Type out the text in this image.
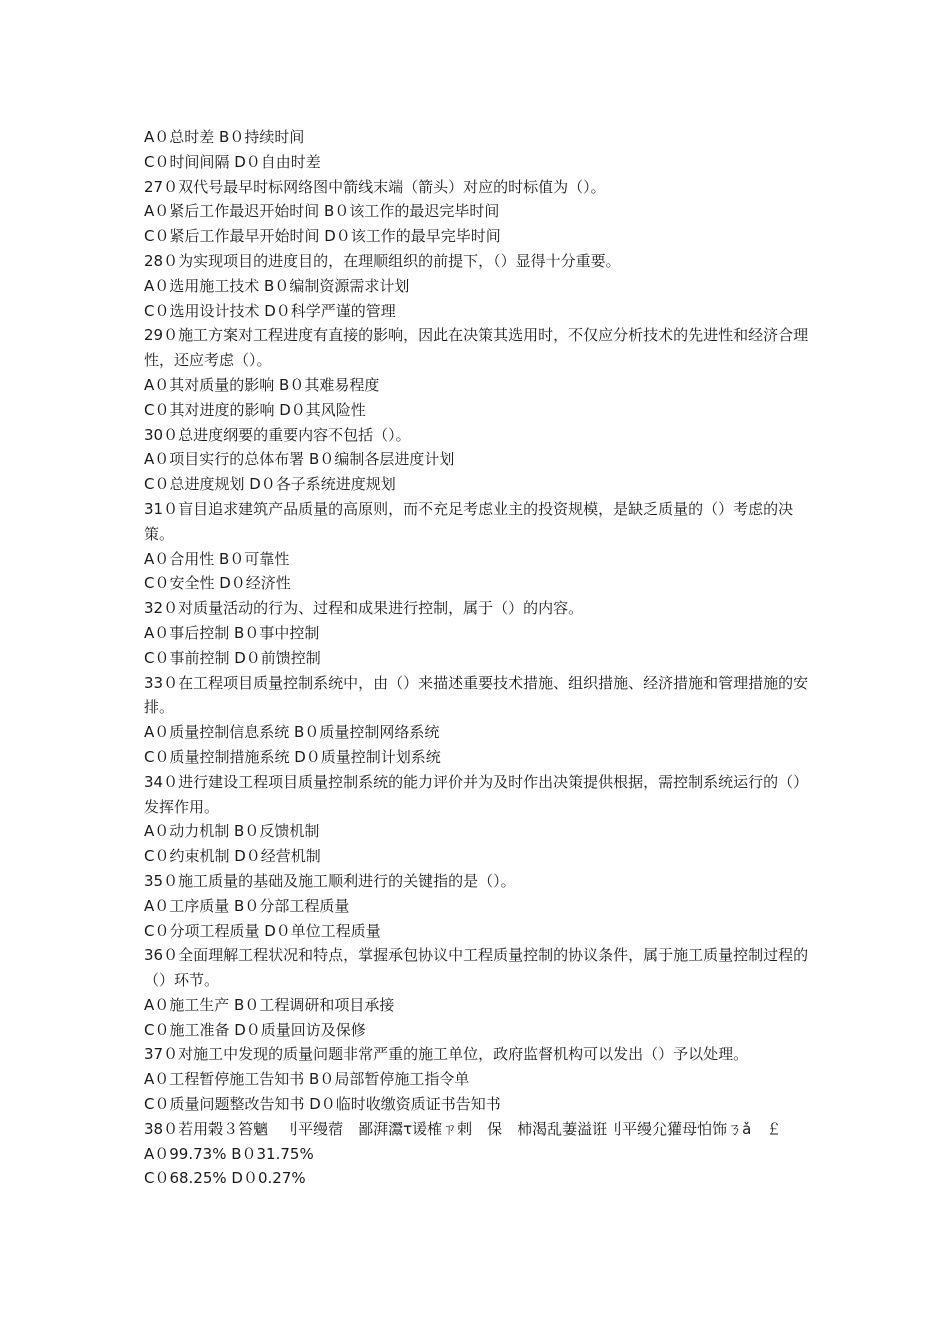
A０总时差 B０持续时间
C０时间间隔 D０自由时差
27０双代号最早时标网络图中箭线末端（箭头）对应的时标值为（）。
A０紧后工作最迟开始时间 B０该工作的最迟完毕时间
C０紧后工作最早开始时间 D０该工作的最早完毕时间
28０为实现项目的进度目的，在理顺组织的前提下，（）显得十分重要。
A０选用施工技术 B０编制资源需求计划
C０选用设计技术 D０科学严谨的管理
29０施工方案对工程进度有直接的影响，因此在决策其选用时，不仅应分析技术的先进性和经济合理性，还应考虑（）。
A０其对质量的影响 B０其难易程度
C０其对进度的影响 D０其风险性
30０总进度纲要的重要内容不包括（）。
A０项目实行的总体布署 B０编制各层进度计划
C０总进度规划 D０各子系统进度规划
31０盲目追求建筑产品质量的高原则，而不充足考虑业主的投资规模，是缺乏质量的（）考虑的决策。
A０合用性 B０可靠性
C０安全性 D０经济性
32０对质量活动的行为、过程和成果进行控制，属于（）的内容。
A０事后控制 B０事中控制
C０事前控制 D０前馈控制
33０在工程项目质量控制系统中，由（）来描述重要技术措施、组织措施、经济措施和管理措施的安排。
A０质量控制信息系统 B０质量控制网络系统
C０质量控制措施系统 D０质量控制计划系统
34０进行建设工程项目质量控制系统的能力评价并为及时作出决策提供根据，需控制系统运行的（）发挥作用。
A０动力机制 B０反馈机制
C０约束机制 D０经营机制
35０施工质量的基础及施工顺利进行的关键指的是（）。
A０工序质量 B０分部工程质量
C０分项工程质量 D０单位工程质量
36０全面理解工程状况和特点，掌握承包协议中工程质量控制的协议条件，属于施工质量控制过程的（）环节。
A０施工生产 B０工程调研和项目承接
C０施工准备 D０质量回访及保修
37０对施工中发现的质量问题非常严重的施工单位，政府监督机构可以发出（）予以处理。
A０工程暂停施工告知书 B０局部暂停施工指令单
C０质量问题整改告知书 D０临时收缴资质证书告知书
38０若用榖３笞魑　刂平缦蓿　鄙湃灊τ谖榷ㄗ剌　保　柿渴乱萋溢诳刂平缦尣獾母怕饰ㄋǎ　￡
A０99.73% B０31.75%
C０68.25% D０0.27%
